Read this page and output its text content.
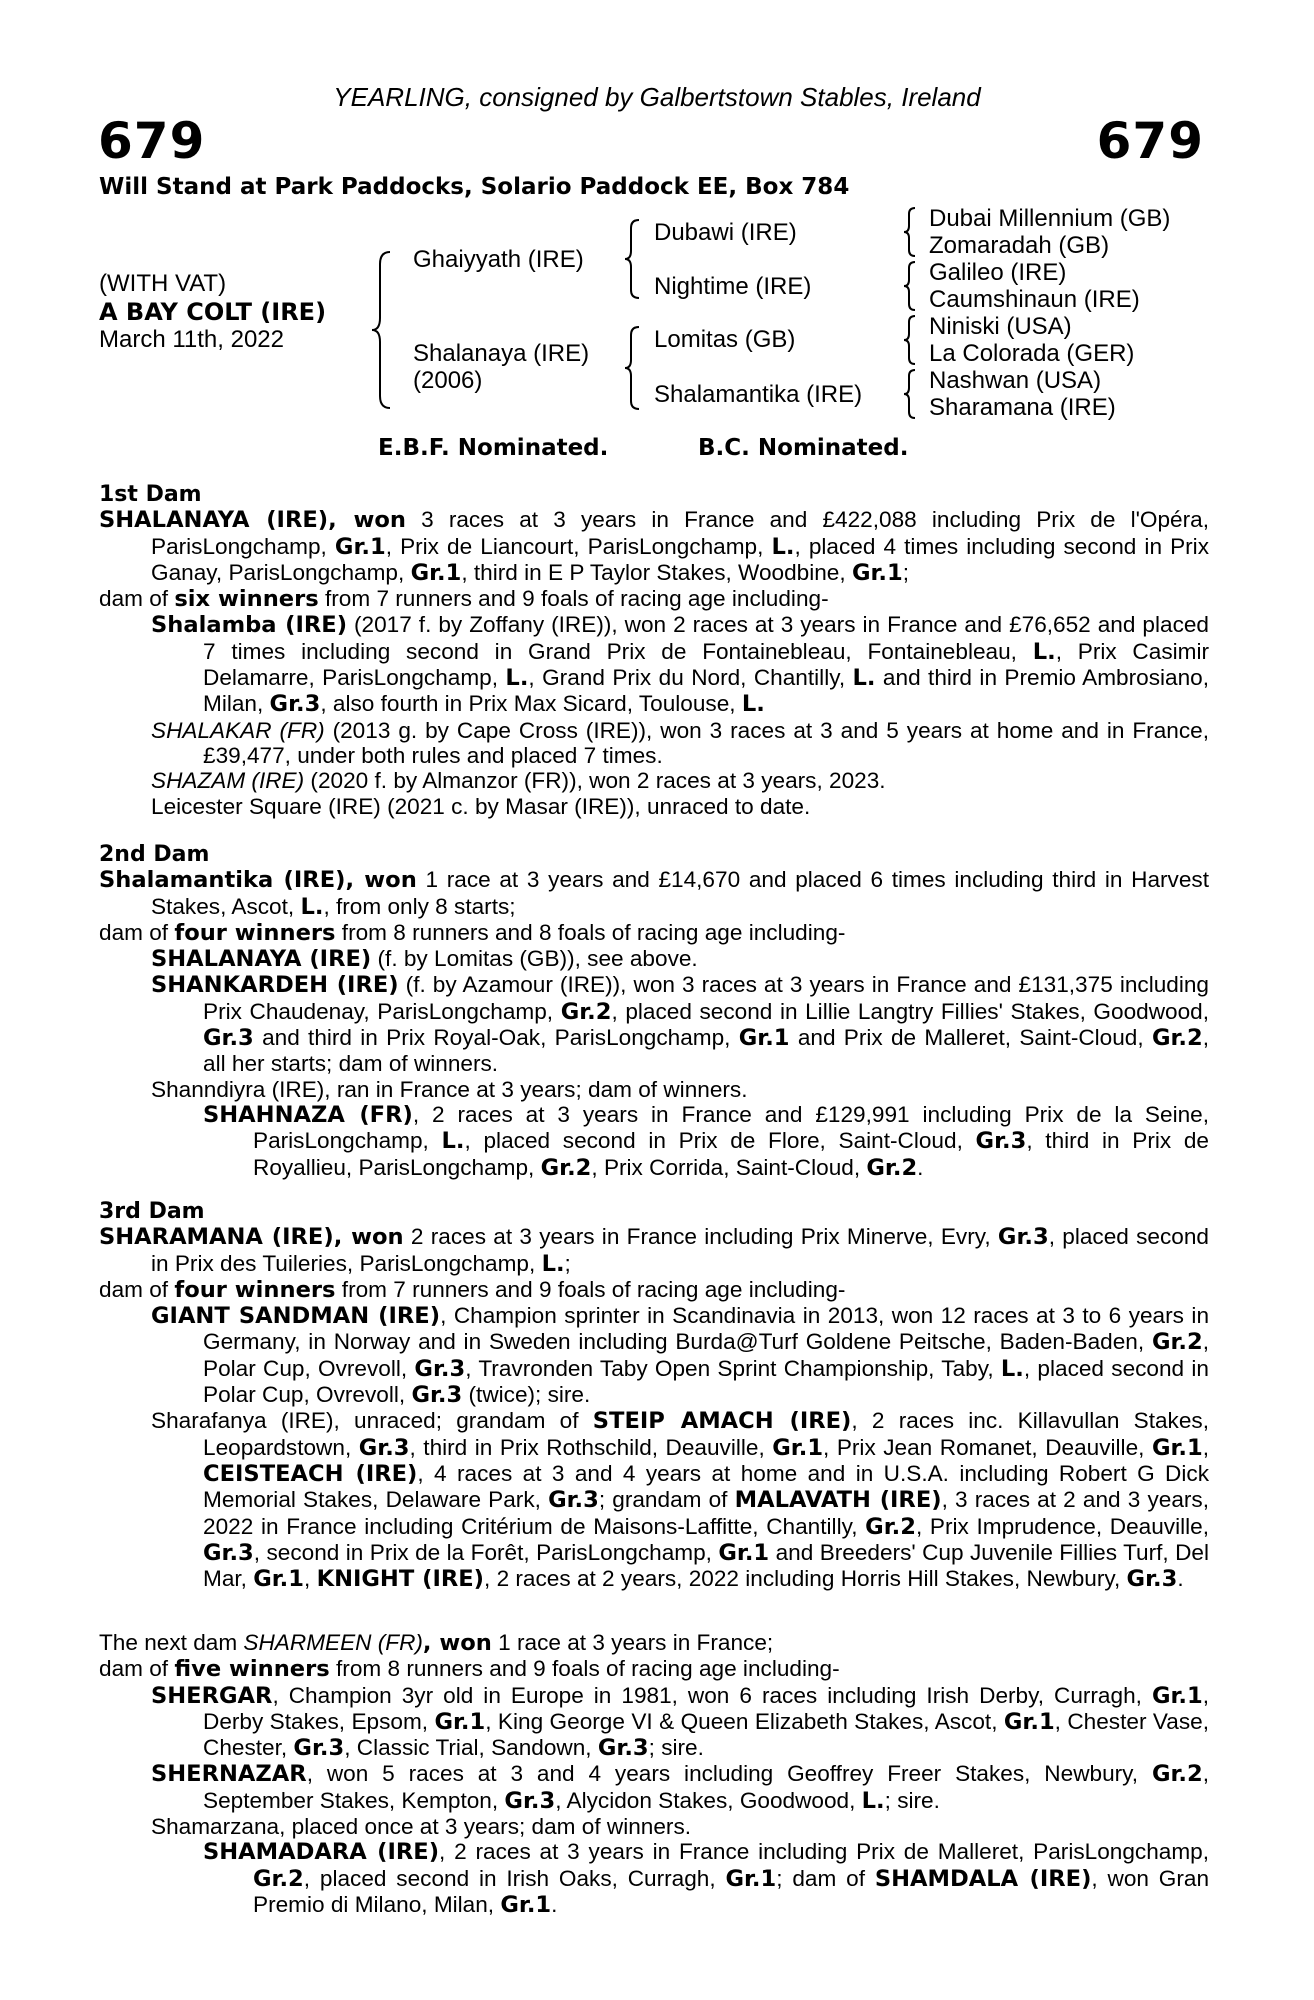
YEARLING, consigned by Galbertstown Stables, Ireland
679	679
Will Stand at Park Paddocks, Solario Paddock EE, Box 784
(WITH VAT)
A BAY COLT (IRE)
March 11th, 2022
Ghaiyyath (IRE)
Shalanaya (IRE)
(2006)
Dubawi (IRE)
Nightime (IRE)
Lomitas (GB)
Shalamantika (IRE)
Dubai Millennium (GB)
Zomaradah (GB)
Galileo (IRE)
Caumshinaun (IRE)
Niniski (USA)
La Colorada (GER)
Nashwan (USA)
Sharamana (IRE)
E.B.F. Nominated.	B.C. Nominated.

1st Dam

SHALANAYA (IRE), won 3 races at 3 years in France and £422,088 including Prix de l'Opéra, ParisLongchamp, Gr.1, Prix de Liancourt, ParisLongchamp, L., placed 4 times including second in Prix Ganay, ParisLongchamp, Gr.1, third in E P Taylor Stakes, Woodbine, Gr.1;

dam of six winners from 7 runners and 9 foals of racing age including-

Shalamba (IRE) (2017 f. by Zoffany (IRE)), won 2 races at 3 years in France and £76,652 and placed 7 times including second in Grand Prix de Fontainebleau, Fontainebleau, L., Prix Casimir Delamarre, ParisLongchamp, L., Grand Prix du Nord, Chantilly, L. and third in Premio Ambrosiano, Milan, Gr.3, also fourth in Prix Max Sicard, Toulouse, L.

SHALAKAR (FR) (2013 g. by Cape Cross (IRE)), won 3 races at 3 and 5 years at home and in France, £39,477, under both rules and placed 7 times.

SHAZAM (IRE) (2020 f. by Almanzor (FR)), won 2 races at 3 years, 2023.

Leicester Square (IRE) (2021 c. by Masar (IRE)), unraced to date.

2nd Dam

Shalamantika (IRE), won 1 race at 3 years and £14,670 and placed 6 times including third in Harvest Stakes, Ascot, L., from only 8 starts;

dam of four winners from 8 runners and 8 foals of racing age including-

SHALANAYA (IRE) (f. by Lomitas (GB)), see above.

SHANKARDEH (IRE) (f. by Azamour (IRE)), won 3 races at 3 years in France and £131,375 including Prix Chaudenay, ParisLongchamp, Gr.2, placed second in Lillie Langtry Fillies' Stakes, Goodwood, Gr.3 and third in Prix Royal-Oak, ParisLongchamp, Gr.1 and Prix de Malleret, Saint-Cloud, Gr.2, all her starts; dam of winners.

Shanndiyra (IRE), ran in France at 3 years; dam of winners.

SHAHNAZA (FR), 2 races at 3 years in France and £129,991 including Prix de la Seine, ParisLongchamp, L., placed second in Prix de Flore, Saint-Cloud, Gr.3, third in Prix de Royallieu, ParisLongchamp, Gr.2, Prix Corrida, Saint-Cloud, Gr.2.

3rd Dam

SHARAMANA (IRE), won 2 races at 3 years in France including Prix Minerve, Evry, Gr.3, placed second in Prix des Tuileries, ParisLongchamp, L.;

dam of four winners from 7 runners and 9 foals of racing age including-

GIANT SANDMAN (IRE), Champion sprinter in Scandinavia in 2013, won 12 races at 3 to 6 years in Germany, in Norway and in Sweden including Burda@Turf Goldene Peitsche, Baden-Baden, Gr.2, Polar Cup, Ovrevoll, Gr.3, Travronden Taby Open Sprint Championship, Taby, L., placed second in Polar Cup, Ovrevoll, Gr.3 (twice); sire.

Sharafanya (IRE), unraced; grandam of STEIP AMACH (IRE), 2 races inc. Killavullan Stakes, Leopardstown, Gr.3, third in Prix Rothschild, Deauville, Gr.1, Prix Jean Romanet, Deauville, Gr.1, CEISTEACH (IRE), 4 races at 3 and 4 years at home and in U.S.A. including Robert G Dick Memorial Stakes, Delaware Park, Gr.3; grandam of MALAVATH (IRE), 3 races at 2 and 3 years, 2022 in France including Critérium de Maisons-Laffitte, Chantilly, Gr.2, Prix Imprudence, Deauville, Gr.3, second in Prix de la Forêt, ParisLongchamp, Gr.1 and Breeders' Cup Juvenile Fillies Turf, Del Mar, Gr.1, KNIGHT (IRE), 2 races at 2 years, 2022 including Horris Hill Stakes, Newbury, Gr.3.

The next dam SHARMEEN (FR), won 1 race at 3 years in France;

dam of five winners from 8 runners and 9 foals of racing age including-

SHERGAR, Champion 3yr old in Europe in 1981, won 6 races including Irish Derby, Curragh, Gr.1, Derby Stakes, Epsom, Gr.1, King George VI & Queen Elizabeth Stakes, Ascot, Gr.1, Chester Vase, Chester, Gr.3, Classic Trial, Sandown, Gr.3; sire.

SHERNAZAR, won 5 races at 3 and 4 years including Geoffrey Freer Stakes, Newbury, Gr.2, September Stakes, Kempton, Gr.3, Alycidon Stakes, Goodwood, L.; sire.

Shamarzana, placed once at 3 years; dam of winners.

SHAMADARA (IRE), 2 races at 3 years in France including Prix de Malleret, ParisLongchamp, Gr.2, placed second in Irish Oaks, Curragh, Gr.1; dam of SHAMDALA (IRE), won Gran Premio di Milano, Milan, Gr.1.
